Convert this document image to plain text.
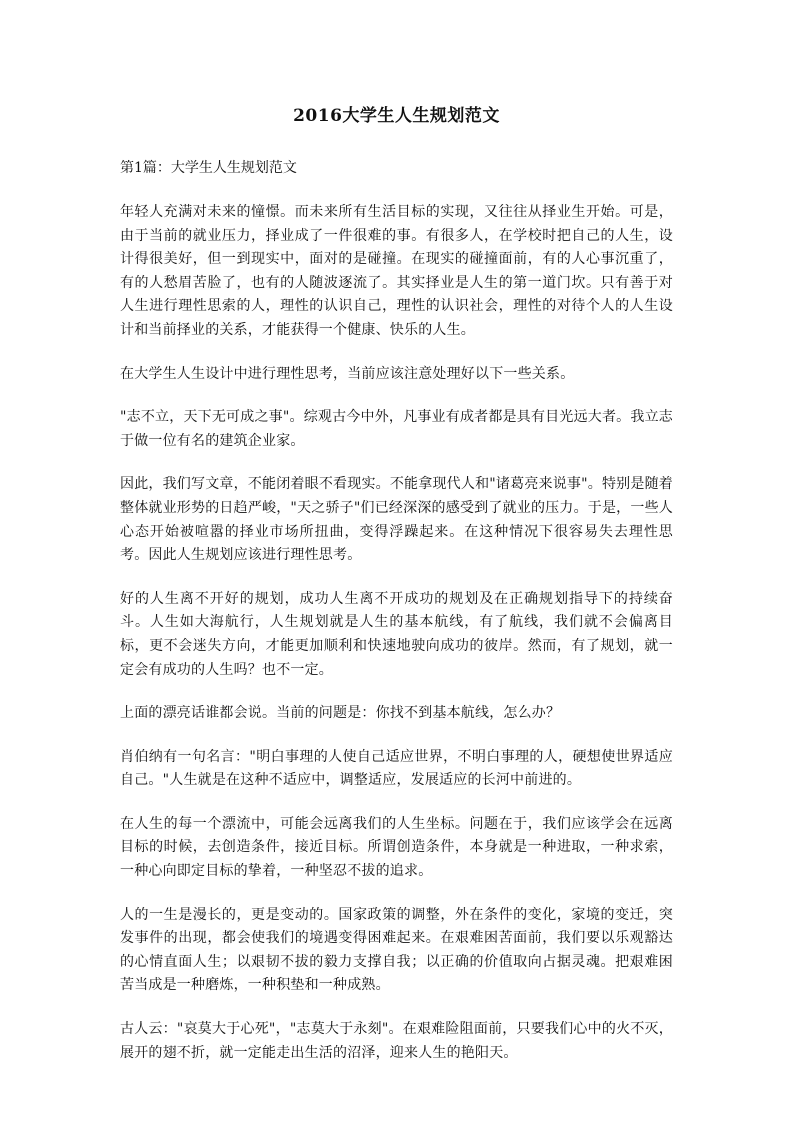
2016大学生人生规划范文
第1篇：大学生人生规划范文

年轻人充满对未来的憧憬。而未来所有生活目标的实现，又往往从择业生开始。可是，由于当前的就业压力，择业成了一件很难的事。有很多人，在学校时把自己的人生，设计得很美好，但一到现实中，面对的是碰撞。在现实的碰撞面前，有的人心事沉重了，有的人愁眉苦脸了，也有的人随波逐流了。其实择业是人生的第一道门坎。只有善于对人生进行理性思索的人，理性的认识自己，理性的认识社会，理性的对待个人的人生设计和当前择业的关系，才能获得一个健康、快乐的人生。

在大学生人生设计中进行理性思考，当前应该注意处理好以下一些关系。

"志不立，天下无可成之事"。综观古今中外，凡事业有成者都是具有目光远大者。我立志于做一位有名的建筑企业家。

因此，我们写文章，不能闭着眼不看现实。不能拿现代人和"诸葛亮来说事"。特别是随着整体就业形势的日趋严峻，"天之骄子"们已经深深的感受到了就业的压力。于是，一些人心态开始被喧嚣的择业市场所扭曲，变得浮躁起来。在这种情况下很容易失去理性思考。因此人生规划应该进行理性思考。

好的人生离不开好的规划，成功人生离不开成功的规划及在正确规划指导下的持续奋斗。人生如大海航行，人生规划就是人生的基本航线，有了航线，我们就不会偏离目标，更不会迷失方向，才能更加顺利和快速地驶向成功的彼岸。然而，有了规划，就一定会有成功的人生吗？也不一定。

上面的漂亮话谁都会说。当前的问题是：你找不到基本航线，怎么办？

肖伯纳有一句名言："明白事理的人使自己适应世界，不明白事理的人，硬想使世界适应自己。"人生就是在这种不适应中，调整适应，发展适应的长河中前进的。

在人生的每一个漂流中，可能会远离我们的人生坐标。问题在于，我们应该学会在远离目标的时候，去创造条件，接近目标。所谓创造条件，本身就是一种进取，一种求索，一种心向即定目标的挚着，一种坚忍不拔的追求。

人的一生是漫长的，更是变动的。国家政策的调整，外在条件的变化，家境的变迁，突发事件的出现，都会使我们的境遇变得困难起来。在艰难困苦面前，我们要以乐观豁达的心情直面人生；以艰韧不拔的毅力支撑自我；以正确的价值取向占据灵魂。把艰难困苦当成是一种磨炼，一种积垫和一种成熟。

古人云："哀莫大于心死"，"志莫大于永刻"。在艰难险阻面前，只要我们心中的火不灭，展开的翅不折，就一定能走出生活的沼泽，迎来人生的艳阳天。
